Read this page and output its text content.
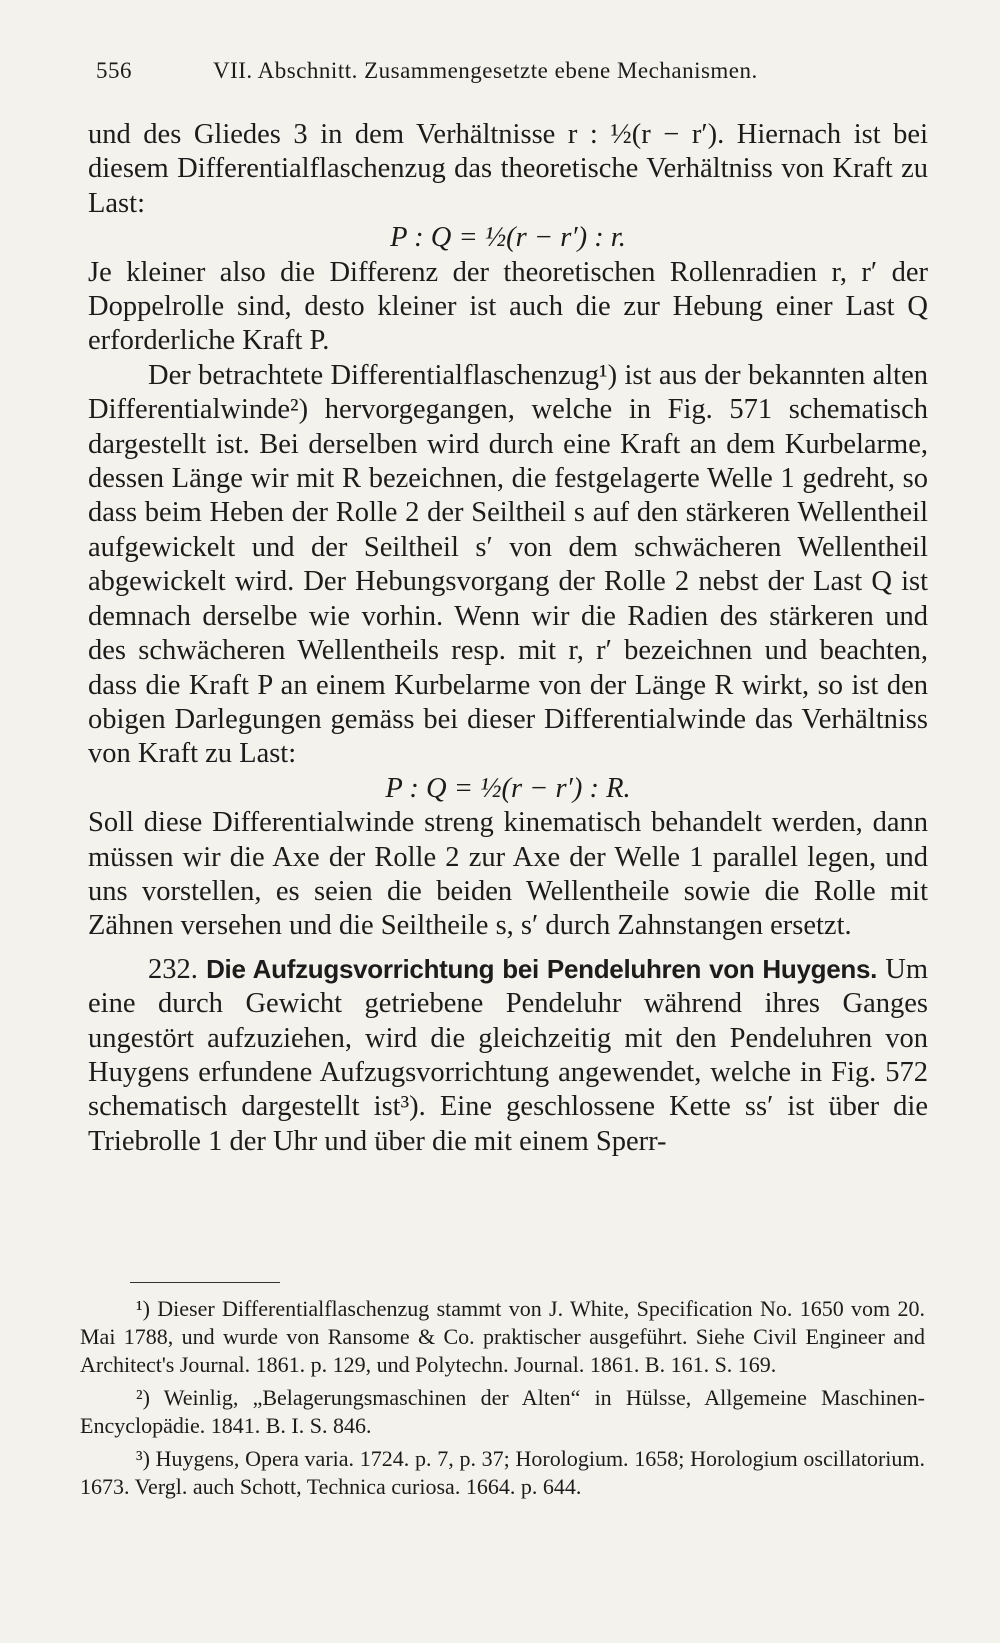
556	VII. Abschnitt. Zusammengesetzte ebene Mechanismen.

und des Gliedes 3 in dem Verhältnisse r : ½(r − r′). Hiernach ist bei diesem Differentialflaschenzug das theoretische Verhältniss von Kraft zu Last:

P : Q = ½(r − r′) : r.

Je kleiner also die Differenz der theoretischen Rollenradien r, r′ der Doppelrolle sind, desto kleiner ist auch die zur Hebung einer Last Q erforderliche Kraft P.

Der betrachtete Differentialflaschenzug¹) ist aus der bekannten alten Differentialwinde²) hervorgegangen, welche in Fig. 571 schematisch dargestellt ist. Bei derselben wird durch eine Kraft an dem Kurbelarme, dessen Länge wir mit R bezeichnen, die festgelagerte Welle 1 gedreht, so dass beim Heben der Rolle 2 der Seiltheil s auf den stärkeren Wellentheil aufgewickelt und der Seiltheil s′ von dem schwächeren Wellentheil abgewickelt wird. Der Hebungsvorgang der Rolle 2 nebst der Last Q ist demnach derselbe wie vorhin. Wenn wir die Radien des stärkeren und des schwächeren Wellentheils resp. mit r, r′ bezeichnen und beachten, dass die Kraft P an einem Kurbelarme von der Länge R wirkt, so ist den obigen Darlegungen gemäss bei dieser Differentialwinde das Verhältniss von Kraft zu Last:

P : Q = ½(r − r′) : R.

Soll diese Differentialwinde streng kinematisch behandelt werden, dann müssen wir die Axe der Rolle 2 zur Axe der Welle 1 parallel legen, und uns vorstellen, es seien die beiden Wellentheile sowie die Rolle mit Zähnen versehen und die Seiltheile s, s′ durch Zahnstangen ersetzt.

232. Die Aufzugsvorrichtung bei Pendeluhren von Huygens. Um eine durch Gewicht getriebene Pendeluhr während ihres Ganges ungestört aufzuziehen, wird die gleichzeitig mit den Pendeluhren von Huygens erfundene Aufzugsvorrichtung angewendet, welche in Fig. 572 schematisch dargestellt ist³). Eine geschlossene Kette ss′ ist über die Triebrolle 1 der Uhr und über die mit einem Sperr-

¹) Dieser Differentialflaschenzug stammt von J. White, Specification No. 1650 vom 20. Mai 1788, und wurde von Ransome & Co. praktischer ausgeführt. Siehe Civil Engineer and Architect's Journal. 1861. p. 129, und Polytechn. Journal. 1861. B. 161. S. 169.

²) Weinlig, „Belagerungsmaschinen der Alten“ in Hülsse, Allgemeine Maschinen-Encyclopädie. 1841. B. I. S. 846.

³) Huygens, Opera varia. 1724. p. 7, p. 37; Horologium. 1658; Horologium oscillatorium. 1673. Vergl. auch Schott, Technica curiosa. 1664. p. 644.
